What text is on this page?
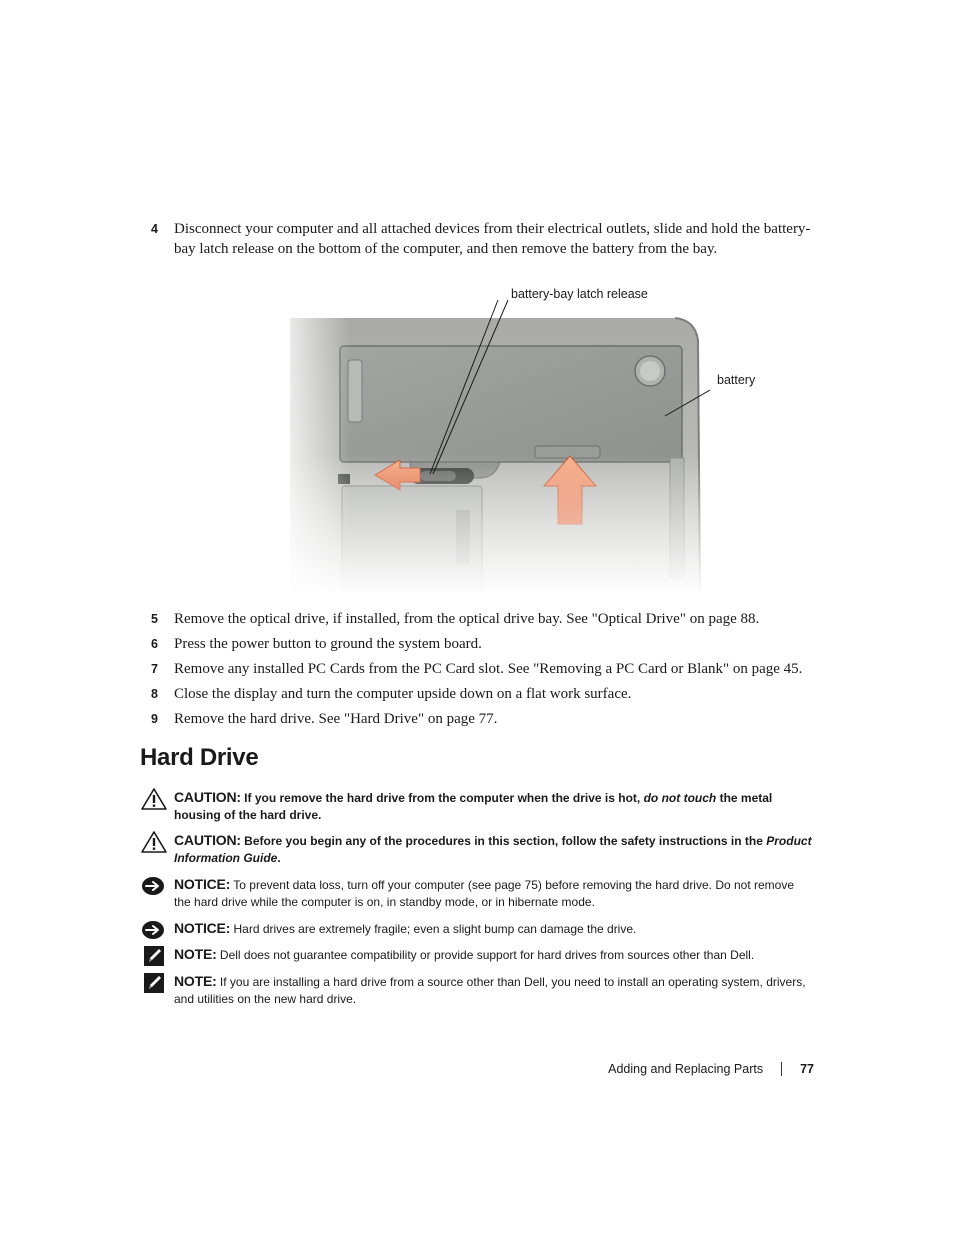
4 Disconnect your computer and all attached devices from their electrical outlets, slide and hold the battery-bay latch release on the bottom of the computer, and then remove the battery from the bay.
battery-bay latch release
battery
5 Remove the optical drive, if installed, from the optical drive bay. See "Optical Drive" on page 88.
6 Press the power button to ground the system board.
7 Remove any installed PC Cards from the PC Card slot. See "Removing a PC Card or Blank" on page 45.
8 Close the display and turn the computer upside down on a flat work surface.
9 Remove the hard drive. See "Hard Drive" on page 77.
Hard Drive
CAUTION: If you remove the hard drive from the computer when the drive is hot, do not touch the metal housing of the hard drive.
CAUTION: Before you begin any of the procedures in this section, follow the safety instructions in the Product Information Guide.
NOTICE: To prevent data loss, turn off your computer (see page 75) before removing the hard drive. Do not remove the hard drive while the computer is on, in standby mode, or in hibernate mode.
NOTICE: Hard drives are extremely fragile; even a slight bump can damage the drive.
NOTE: Dell does not guarantee compatibility or provide support for hard drives from sources other than Dell.
NOTE: If you are installing a hard drive from a source other than Dell, you need to install an operating system, drivers, and utilities on the new hard drive.
Adding and Replacing Parts	77
